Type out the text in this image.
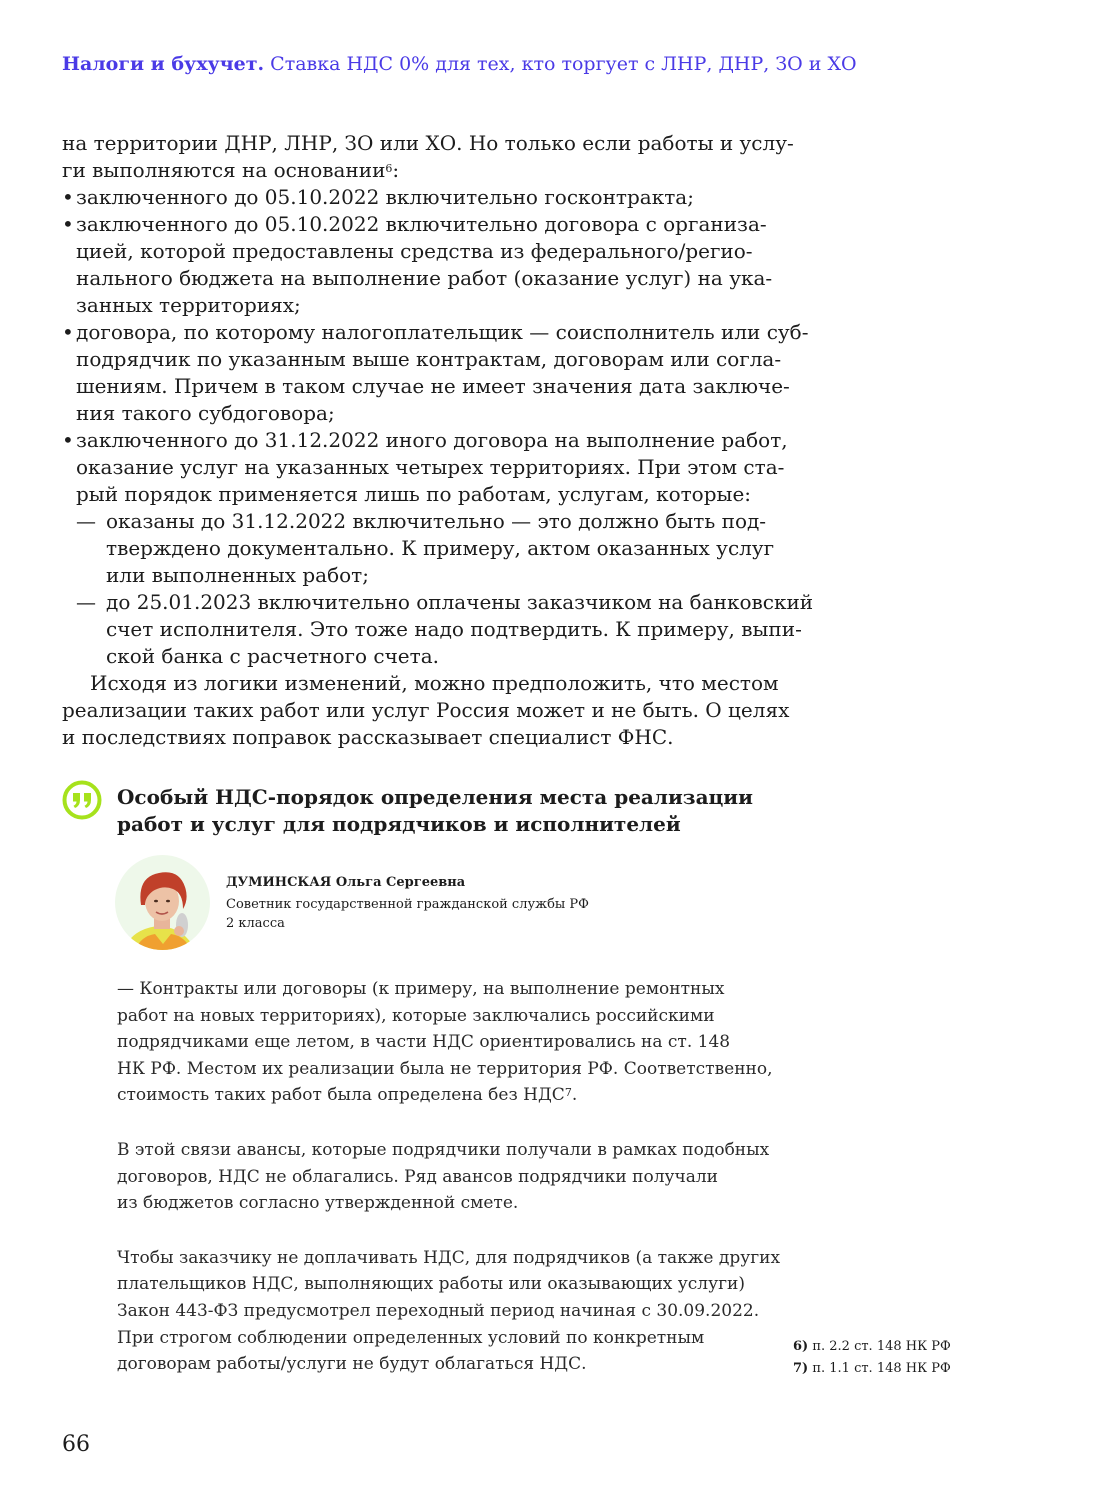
Налоги и бухучет. Ставка НДС 0% для тех, кто торгует с ЛНР, ДНР, ЗО и ХО
на территории ДНР, ЛНР, ЗО или ХО. Но только если работы и услу-
ги выполняются на основании$^6$:
• заключенного до 05.10.2022 включительно госконтракта;
• заключенного до 05.10.2022 включительно договора с организа-
цией, которой предоставлены средства из федерального/регио-
нального бюджета на выполнение работ (оказание услуг) на ука-
занных территориях;
• договора, по которому налогоплательщик — соисполнитель или суб-
подрядчик по указанным выше контрактам, договорам или согла-
шениям. Причем в таком случае не имеет значения дата заключе-
ния такого субдоговора;
• заключенного до 31.12.2022 иного договора на выполнение работ,
оказание услуг на указанных четырех территориях. При этом ста-
рый порядок применяется лишь по работам, услугам, которые:
— оказаны до 31.12.2022 включительно — это должно быть под-
тверждено документально. К примеру, актом оказанных услуг
или выполненных работ;
— до 25.01.2023 включительно оплачены заказчиком на банковский
счет исполнителя. Это тоже надо подтвердить. К примеру, выпи-
ской банка с расчетного счета.
Исходя из логики изменений, можно предположить, что местом
реализации таких работ или услуг Россия может и не быть. О целях
и последствиях поправок рассказывает специалист ФНС.
Особый НДС-порядок определения места реализации
работ и услуг для подрядчиков и исполнителей
ДУМИНСКАЯ Ольга Сергеевна
Советник государственной гражданской службы РФ
2 класса

— Контракты или договоры (к примеру, на выполнение ремонтных
работ на новых территориях), которые заключались российскими
подрядчиками еще летом, в части НДС ориентировались на ст. 148
НК РФ. Местом их реализации была не территория РФ. Соответственно,
стоимость таких работ была определена без НДС$^7$.

В этой связи авансы, которые подрядчики получали в рамках подобных
договоров, НДС не облагались. Ряд авансов подрядчики получали
из бюджетов согласно утвержденной смете.

Чтобы заказчику не доплачивать НДС, для подрядчиков (а также других
плательщиков НДС, выполняющих работы или оказывающих услуги)
Закон 443-ФЗ предусмотрел переходный период начиная с 30.09.2022.
При строгом соблюдении определенных условий по конкретным
договорам работы/услуги не будут облагаться НДС.

6) п. 2.2 ст. 148 НК РФ
7) п. 1.1 ст. 148 НК РФ
66
